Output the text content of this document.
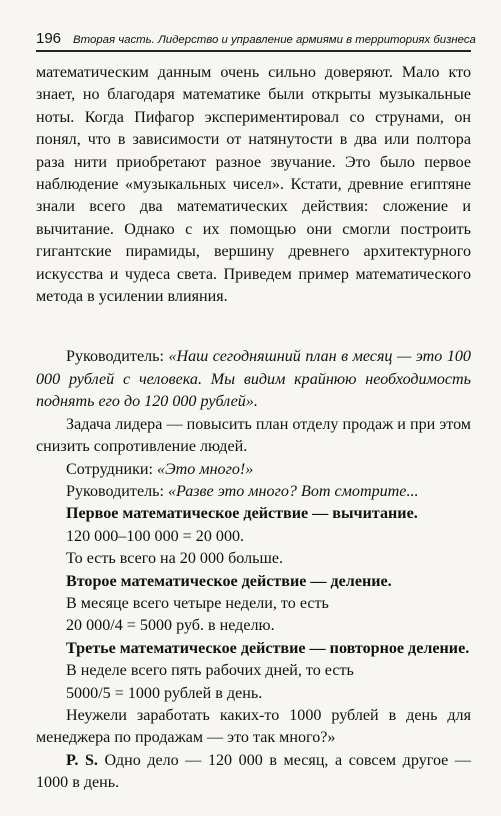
196 Вторая часть. Лидерство и управление армиями в территориях бизнеса

математическим данным очень сильно доверяют. Мало кто знает, но благодаря математике были открыты музыкальные ноты. Когда Пифагор экспериментировал со струнами, он понял, что в зависимости от натянутости в два или полтора раза нити приобретают разное звучание. Это было первое наблюдение «музыкальных чисел». Кстати, древние египтяне знали всего два математических действия: сложение и вычитание. Однако с их помощью они смогли построить гигантские пирамиды, вершину древнего архитектурного искусства и чудеса света. Приведем пример математического метода в усилении влияния.

Руководитель: «Наш сегодняшний план в месяц — это 100 000 рублей с человека. Мы видим крайнюю необходимость поднять его до 120 000 рублей».

Задача лидера — повысить план отделу продаж и при этом снизить сопротивление людей.

Сотрудники: «Это много!»

Руководитель: «Разве это много? Вот смотрите...

Первое математическое действие — вычитание.

120 000–100 000 = 20 000.

То есть всего на 20 000 больше.

Второе математическое действие — деление.

В месяце всего четыре недели, то есть

20 000/4 = 5000 руб. в неделю.

Третье математическое действие — повторное деление.

В неделе всего пять рабочих дней, то есть

5000/5 = 1000 рублей в день.

Неужели заработать каких-то 1000 рублей в день для менеджера по продажам — это так много?»

P. S. Одно дело — 120 000 в месяц, а совсем другое — 1000 в день.
